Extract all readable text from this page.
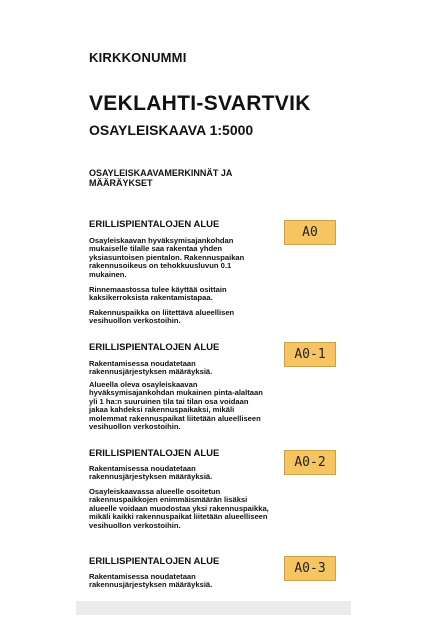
KIRKKONUMMI
VEKLAHTI-SVARTVIK
OSAYLEISKAAVA 1:5000
OSAYLEISKAAVAMERKINNÄT JA MÄÄRÄYKSET
ERILLISPIENTALOJEN ALUE
A0
Osayleiskaavan hyväksymisajankohdan mukaiselle tilalle saa rakentaa yhden yksiasuntoisen pientalon. Rakennuspaikan rakennusoikeus on tehokkuusluvun 0.1 mukainen.
Rinnemaastossa tulee käyttää osittain kaksikerroksista rakentamistapaa.
Rakennuspaikka on liitettävä alueellisen vesihuollon verkostoihin.
ERILLISPIENTALOJEN ALUE	A0-1
Rakentamisessa noudatetaan rakennusjärjestyksen määräyksiä.
Alueella oleva osayleiskaavan hyväksymisajankohdan mukainen pinta-alaltaan yli 1 ha:n suuruinen tila tai tilan osa voidaan jakaa kahdeksi rakennuspaikaksi, mikäli molemmat rakennuspaikat liitetään alueelliseen vesihuollon verkostoihin.
ERILLISPIENTALOJEN ALUE
A0-2
Rakentamisessa noudatetaan rakennusjärjestyksen määräyksiä.
Osayleiskaavassa alueelle osoitetun rakennuspaikkojen enimmäismäärän lisäksi alueelle voidaan muodostaa yksi rakennuspaikka, mikäli kaikki rakennuspaikat liitetään alueelliseen vesihuollon verkostoihin.
ERILLISPIENTALOJEN ALUE	A0-3
Rakentamisessa noudatetaan rakennusjärjestyksen määräyksiä.
